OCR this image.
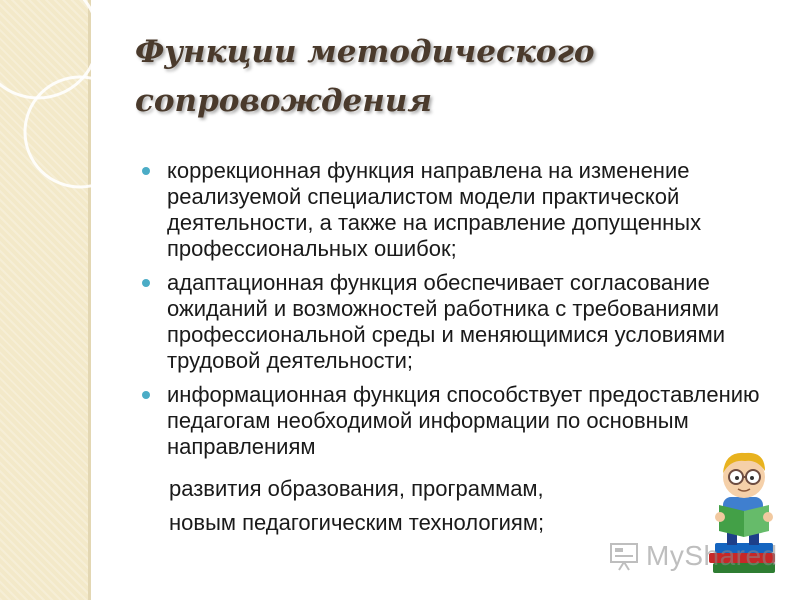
Функции методического сопровождения
коррекционная функция направлена на изменение реализуемой специалистом модели практической деятельности, а также на исправление допущенных профессиональных ошибок;
адаптационная функция обеспечивает согласование ожиданий и возможностей работника с требованиями профессиональной среды и меняющимися условиями трудовой деятельности;
информационная функция способствует предоставлению педагогам необходимой информации по основным направлениям

развития образования, программам,

новым педагогическим технологиям;

MyShared
